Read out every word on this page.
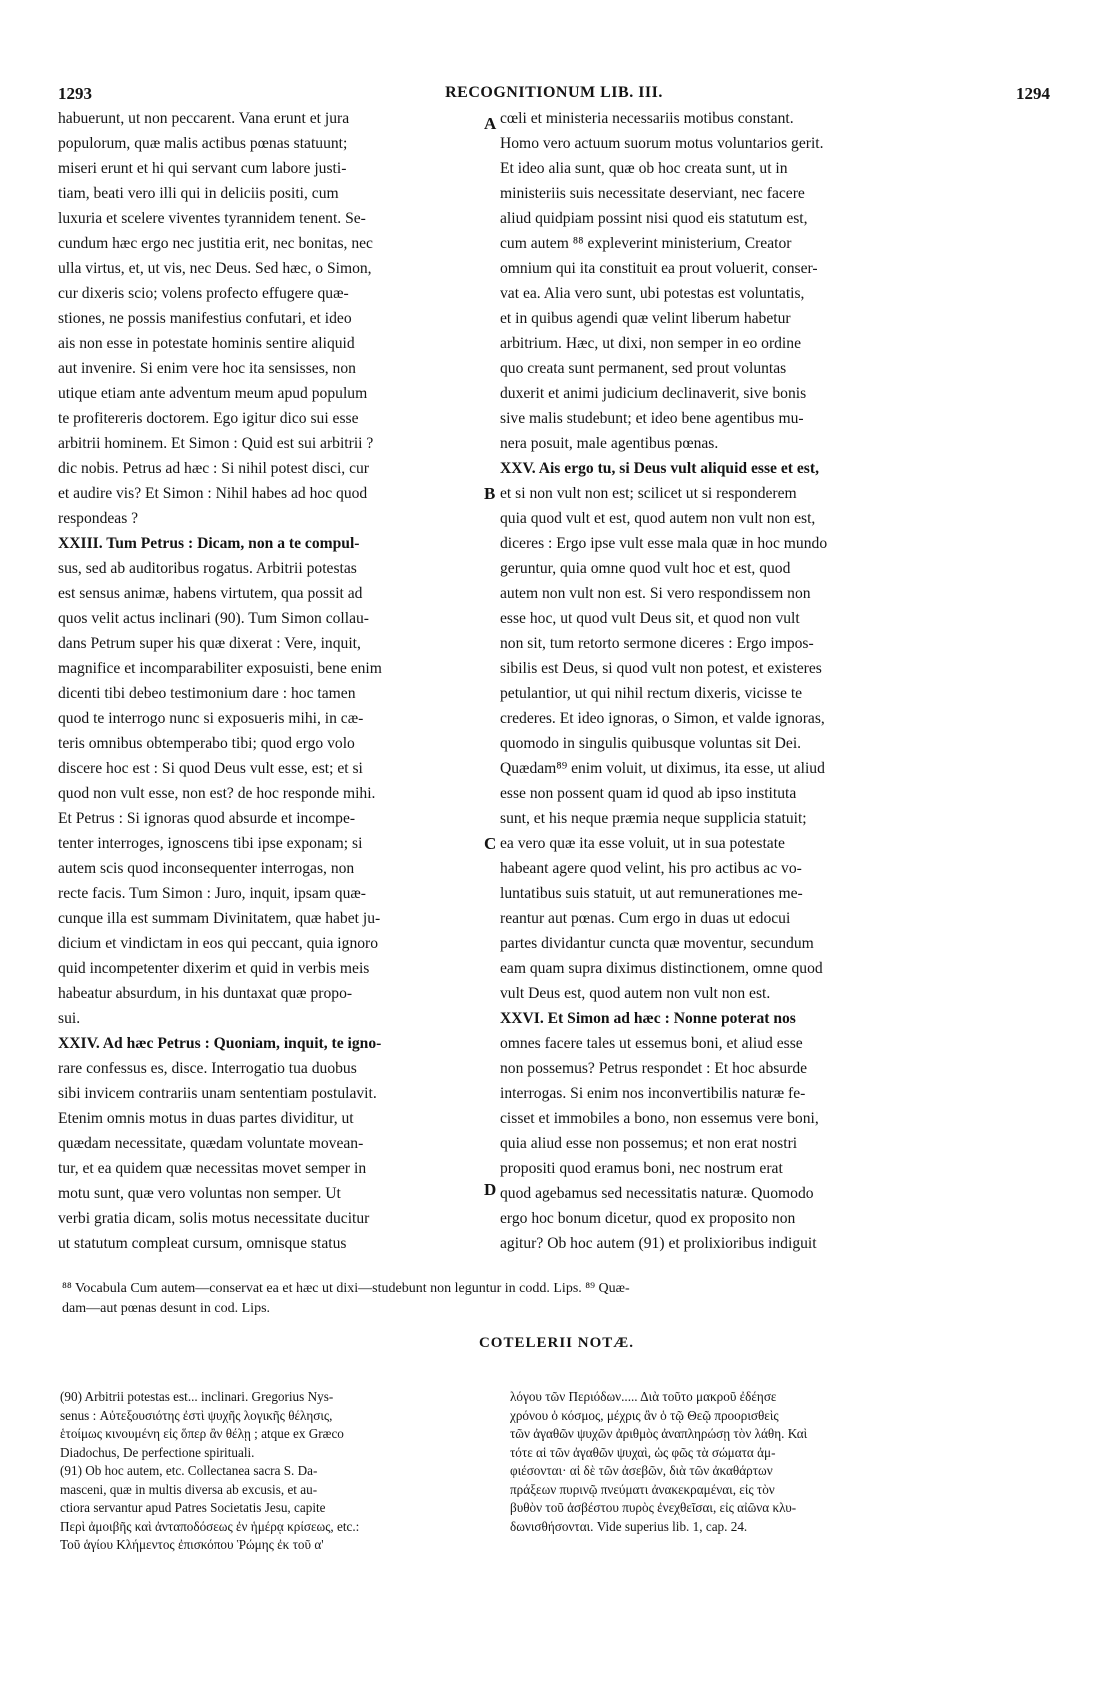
1293	RECOGNITIONUM LIB. III.	1294
habuerunt, ut non peccarent. Vana erunt et jura
populorum, quæ malis actibus pœnas statuunt;
miseri erunt et hi qui servant cum labore justi-
tiam, beati vero illi qui in deliciis positi, cum
luxuria et scelere viventes tyrannidem tenent. Se-
cundum hæc ergo nec justitia erit, nec bonitas, nec
ulla virtus, et, ut vis, nec Deus. Sed hæc, o Simon,
cur dixeris scio; volens profecto effugere quæ-
stiones, ne possis manifestius confutari, et ideo
ais non esse in potestate hominis sentire aliquid
aut invenire. Si enim vere hoc ita sensisses, non
utique etiam ante adventum meum apud populum
te profitereris doctorem. Ego igitur dico sui esse
arbitrii hominem. Et Simon : Quid est sui arbitrii ?
dic nobis. Petrus ad hæc : Si nihil potest disci, cur
et audire vis? Et Simon : Nihil habes ad hoc quod
respondeas ?
XXIII. Tum Petrus : Dicam, non a te compul-
sus, sed ab auditoribus rogatus. Arbitrii potestas
est sensus animæ, habens virtutem, qua possit ad
quos velit actus inclinari (90). Tum Simon collau-
dans Petrum super his quæ dixerat : Vere, inquit,
magnifice et incomparabiliter exposuisti, bene enim
dicenti tibi debeo testimonium dare : hoc tamen
quod te interrogo nunc si exposueris mihi, in cæ-
teris omnibus obtemperabo tibi; quod ergo volo
discere hoc est : Si quod Deus vult esse, est; et si
quod non vult esse, non est? de hoc responde mihi.
Et Petrus : Si ignoras quod absurde et incompe-
tenter interroges, ignoscens tibi ipse exponam; si
autem scis quod inconsequenter interrogas, non
recte facis. Tum Simon : Juro, inquit, ipsam quæ-
cunque illa est summam Divinitatem, quæ habet ju-
dicium et vindictam in eos qui peccant, quia ignoro
quid incompetenter dixerim et quid in verbis meis
habeatur absurdum, in his duntaxat quæ propo-
sui.
XXIV. Ad hæc Petrus : Quoniam, inquit, te igno-
rare confessus es, disce. Interrogatio tua duobus
sibi invicem contrariis unam sententiam postulavit.
Etenim omnis motus in duas partes dividitur, ut
quædam necessitate, quædam voluntate movean-
tur, et ea quidem quæ necessitas movet semper in
motu sunt, quæ vero voluntas non semper. Ut
verbi gratia dicam, solis motus necessitate ducitur
ut statutum compleat cursum, omnisque status
cœli et ministeria necessariis motibus constant.
Homo vero actuum suorum motus voluntarios gerit.
Et ideo alia sunt, quæ ob hoc creata sunt, ut in
ministeriis suis necessitate deserviant, nec facere
aliud quidpiam possint nisi quod eis statutum est,
cum autem ⁸⁸ expleverint ministerium, Creator
omnium qui ita constituit ea prout voluerit, conser-
vat ea. Alia vero sunt, ubi potestas est voluntatis,
et in quibus agendi quæ velint liberum habetur
arbitrium. Hæc, ut dixi, non semper in eo ordine
quo creata sunt permanent, sed prout voluntas
duxerit et animi judicium declinaverit, sive bonis
sive malis studebunt; et ideo bene agentibus mu-
nera posuit, male agentibus pœnas.
XXV. Ais ergo tu, si Deus vult aliquid esse et est,
et si non vult non est; scilicet ut si responderem
quia quod vult et est, quod autem non vult non est,
diceres : Ergo ipse vult esse mala quæ in hoc mundo
geruntur, quia omne quod vult hoc et est, quod
autem non vult non est. Si vero respondissem non
esse hoc, ut quod vult Deus sit, et quod non vult
non sit, tum retorto sermone diceres : Ergo impos-
sibilis est Deus, si quod vult non potest, et existeres
petulantior, ut qui nihil rectum dixeris, vicisse te
crederes. Et ideo ignoras, o Simon, et valde ignoras,
quomodo in singulis quibusque voluntas sit Dei.
Quædam⁸⁹ enim voluit, ut diximus, ita esse, ut aliud
esse non possent quam id quod ab ipso instituta
sunt, et his neque præmia neque supplicia statuit;
ea vero quæ ita esse voluit, ut in sua potestate
habeant agere quod velint, his pro actibus ac vo-
luntatibus suis statuit, ut aut remunerationes me-
reantur aut pœnas. Cum ergo in duas ut edocui
partes dividantur cuncta quæ moventur, secundum
eam quam supra diximus distinctionem, omne quod
vult Deus est, quod autem non vult non est.
XXVI. Et Simon ad hæc : Nonne poterat nos
omnes facere tales ut essemus boni, et aliud esse
non possemus? Petrus respondet : Et hoc absurde
interrogas. Si enim nos inconvertibilis naturæ fe-
cisset et immobiles a bono, non essemus vere boni,
quia aliud esse non possemus; et non erat nostri
propositi quod eramus boni, nec nostrum erat
quod agebamus sed necessitatis naturæ. Quomodo
ergo hoc bonum dicetur, quod ex proposito non
agitur? Ob hoc autem (91) et prolixioribus indiguit
A
B
C
D
⁸⁸ Vocabula Cum autem—conservat ea et hæc ut dixi—studebunt non leguntur in codd. Lips. ⁸⁹ Quæ-
dam—aut pœnas desunt in cod. Lips.
COTELERII NOTÆ.
(90) Arbitrii potestas est... inclinari. Gregorius Nys-
senus : Αὐτεξουσιότης ἐστὶ ψυχῆς λογικῆς θέλησις,
ἑτοίμως κινουμένη εἰς ὅπερ ἂν θέλῃ ; atque ex Græco
Diadochus, De perfectione spirituali.
(91) Ob hoc autem, etc. Collectanea sacra S. Da-
masceni, quæ in multis diversa ab excusis, et au-
ctiora servantur apud Patres Societatis Jesu, capite
Περὶ ἀμοιβῆς καὶ ἀνταποδόσεως ἐν ἡμέρᾳ κρίσεως, etc.:
Τοῦ ἁγίου Κλήμεντος ἐπισκόπου Ῥώμης ἐκ τοῦ α'
λόγου τῶν Περιόδων..... Διὰ τοῦτο μακροῦ ἐδέησε
χρόνου ὁ κόσμος, μέχρις ἂν ὁ τῷ Θεῷ προορισθεὶς
τῶν ἀγαθῶν ψυχῶν ἀριθμὸς ἀναπληρώσῃ τὸν λάθη. Καὶ
τότε αἱ τῶν ἀγαθῶν ψυχαὶ, ὡς φῶς τὰ σώματα ἀμ-
φιέσονται· αἱ δὲ τῶν ἀσεβῶν, διὰ τῶν ἀκαθάρτων
πράξεων πυρινῷ πνεύματι ἀνακεκραμέναι, εἰς τὸν
βυθὸν τοῦ ἀσβέστου πυρὸς ἐνεχθεῖσαι, εἰς αἰῶνα κλυ-
δωνισθήσονται. Vide superius lib. 1, cap. 24.
